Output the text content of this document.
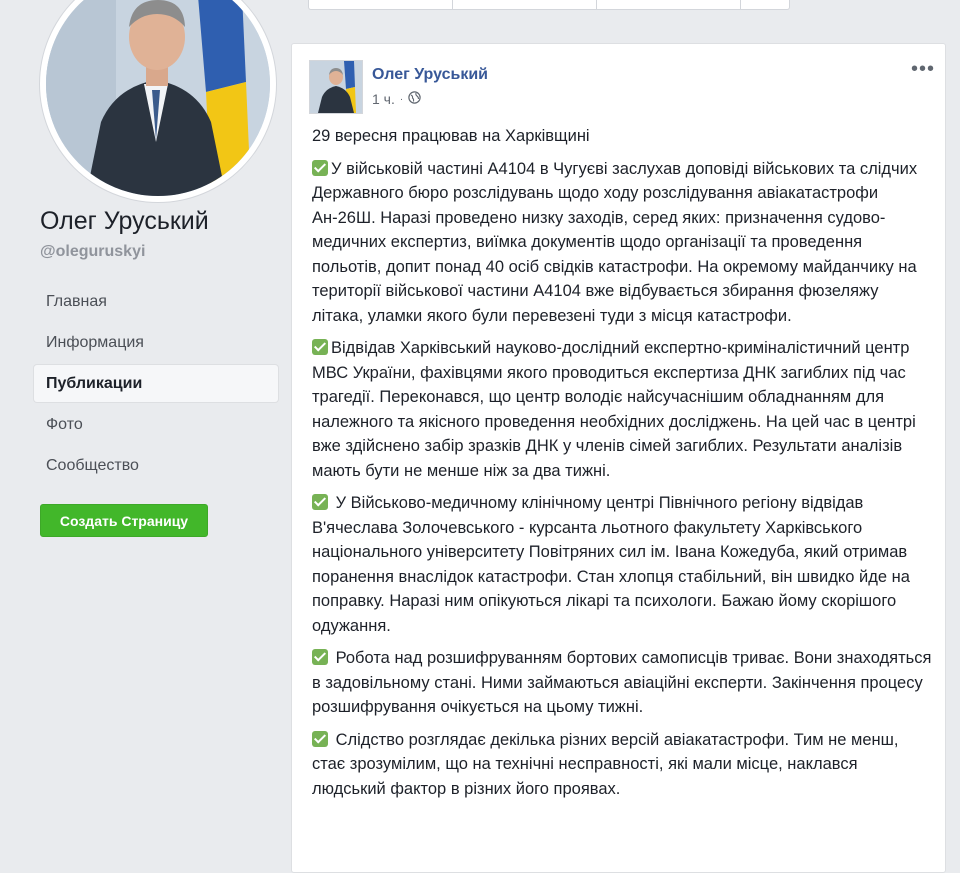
Олег Уруський
@oleguruskyi
Главная
Информация
Публикации
Фото
Сообщество
Создать Страницу
Олег Уруський
1 ч. ·
•••

29 вересня працював на Харківщині

У військовій частині А4104 в Чугуєві заслухав доповіді військових та слідчих Державного бюро розслідувань щодо ходу розслідування авіакатастрофи Ан-26Ш. Наразі проведено низку заходів, серед яких: призначення судово-медичних експертиз, виїмка документів щодо організації та проведення польотів, допит понад 40 осіб свідків катастрофи. На окремому майданчику на території військової частини А4104 вже відбувається збирання фюзеляжу літака, уламки якого були перевезені туди з місця катастрофи.

Відвідав Харківський науково-дослідний експертно-криміналістичний центр МВС України, фахівцями якого проводиться експертиза ДНК загиблих під час трагедії. Переконався, що центр володіє найсучаснішим обладнанням для належного та якісного проведення необхідних досліджень. На цей час в центрі вже здійснено забір зразків ДНК у членів сімей загиблих. Результати аналізів мають бути не менше ніж за два тижні.

У Військово-медичному клінічному центрі Північного регіону відвідав В'ячеслава Золочевського - курсанта льотного факультету Харківського національного університету Повітряних сил ім. Івана Кожедуба, який отримав поранення внаслідок катастрофи. Стан хлопця стабільний, він швидко йде на поправку. Наразі ним опікуються лікарі та психологи. Бажаю йому скорішого одужання.

Робота над розшифруванням бортових самописців триває. Вони знаходяться в задовільному стані. Ними займаються авіаційні експерти. Закінчення процесу розшифрування очікується на цьому тижні.

Слідство розглядає декілька різних версій авіакатастрофи. Тим не менш, стає зрозумілим, що на технічні несправності, які мали місце, наклався людський фактор в різних його проявах.
